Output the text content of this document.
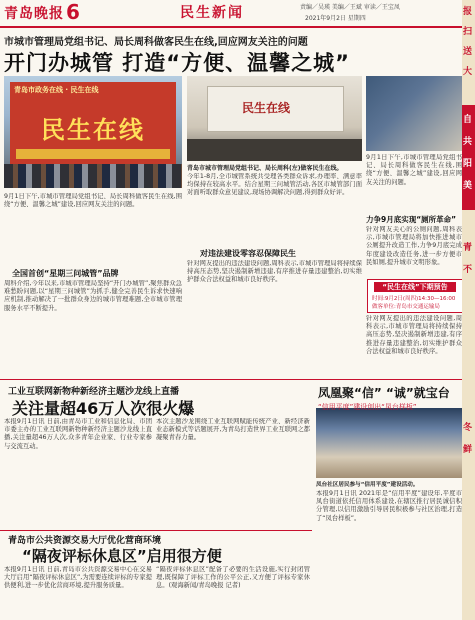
青岛晚报 6	民生新闻	责编／吴瑛 美编／王斌 审读／王宝凤
2021年9月2日 星期四
市城市管理局党组书记、局长周科做客民生在线,回应网友关注的问题
开门办城管 打造“方便、温馨之城”
青岛市政务在线 · 民生在线
民生在线
9月1日下午,市城市管理局党组书记、局长周科做客民生在线,围绕“方便、温馨之城”建设,回应网友关注的问题。
全国首创“星期三问城管”品牌
周科介绍,今年以来,市城市管理局坚持“开门办城管”,聚焦群众急难愁盼问题,以“星期三问城管”为抓手,健全完善民生诉求快速响应机制,推动解决了一批群众身边的城市管理难题,全市城市管理服务水平不断提升。
民生在线
青岛市城市管理局党组书记、局长周科(左)做客民生在线。
今年1-8月,全市城管系统共受理各类群众诉求,办理率、满意率均保持在较高水平。结合星期三问城管活动,各区市城管部门面对面听取群众意见建议,现场协调解决问题,得到群众好评。
对违法建设零容忍保障民生
针对网友提出的违法建设问题,周科表示,市城市管理局将持续保持高压态势,坚决遏制新增违建,有序推进存量违建整治,切实维护群众合法权益和城市良好秩序。
9月1日下午,市城市管理局党组书记、局长周科做客民生在线,围绕“方便、温馨之城”建设,回应网友关注的问题。
力争9月底实现“厕所革命”
针对网友关心的公厕问题,周科表示,市城市管理局将加快推进城市公厕提升改造工作,力争9月底完成年度建设改造任务,进一步方便市民如厕,提升城市文明形象。
“民生在线”下期预告
时间:9月2日(周四)14:30—16:00
做客单位:青岛市交通运输局
针对网友提出的违法建设问题,周科表示,市城市管理局将持续保持高压态势,坚决遏制新增违建,有序推进存量违建整治,切实维护群众合法权益和城市良好秩序。
工业互联网新物种新经济主题沙龙线上直播
关注量超46万人次很火爆
本报9月1日讯 日前,由青岛市工业和信息化局、市团市委主办的工业互联网新物种新经济主题沙龙线上直播,关注量超46万人次,众多青年企业家、行业专家参与交流互动。
本次主题沙龙围绕工业互联网赋能传统产业、新经济新业态新模式等话题展开,为青岛打造世界工业互联网之都凝聚青春力量。
凤台社区居民参与“信用平度”建设活动。
本报9月1日讯 2021年是“信用平度”建设年,平度市凤台街道依托信用体系建设,在辖区推行居民诚信积分管理,以信用激励引导居民积极参与社区治理,打造了“凤台样板”。
青岛市公共资源交易大厅优化营商环境
“隔夜评标休息区”启用很方便
本报9月1日讯 日前,青岛市公共资源交易中心在交易大厅启用“隔夜评标休息区”,为需要连续评标的专家提供便利,进一步优化营商环境,提升服务质量。
“隔夜评标休息区”配备了必要的生活设施,实行封闭管理,既保障了评标工作的公平公正,又方便了评标专家休息。(观海新闻/青岛晚报 记者)
报
扫
送
大
自
共
阳
美
青
不
冬
鲜
凤凰聚“信” “诚”就宝台
“信用平度”建设创出“凤台样板”
